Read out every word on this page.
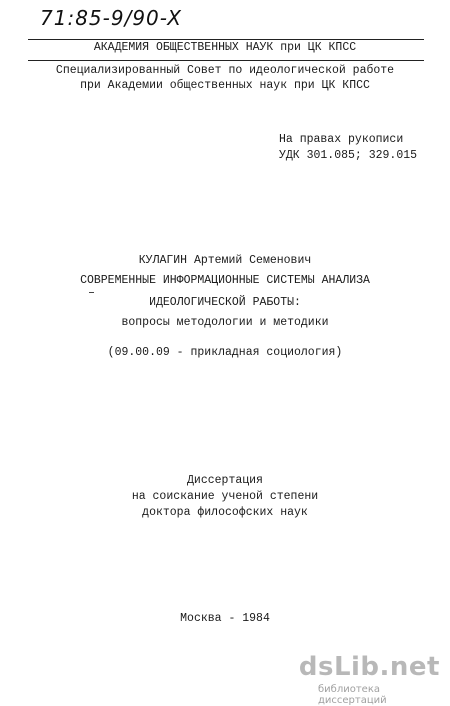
71:85-9/90-X
АКАДЕМИЯ ОБЩЕСТВЕННЫХ НАУК при ЦК КПСС
Специализированный Совет по идеологической работе
при Академии общественных наук при ЦК КПСС
На правах рукописи
УДК 301.085; 329.015
КУЛАГИН Артемий Семенович
СОВРЕМЕННЫЕ ИНФОРМАЦИОННЫЕ СИСТЕМЫ АНАЛИЗА
ИДЕОЛОГИЧЕСКОЙ РАБОТЫ:
вопросы методологии и методики
(09.00.09 - прикладная социология)
Диссертация
на соискание ученой степени
доктора философских наук
Москва - 1984
dsLib.net
библиотека диссертаций
